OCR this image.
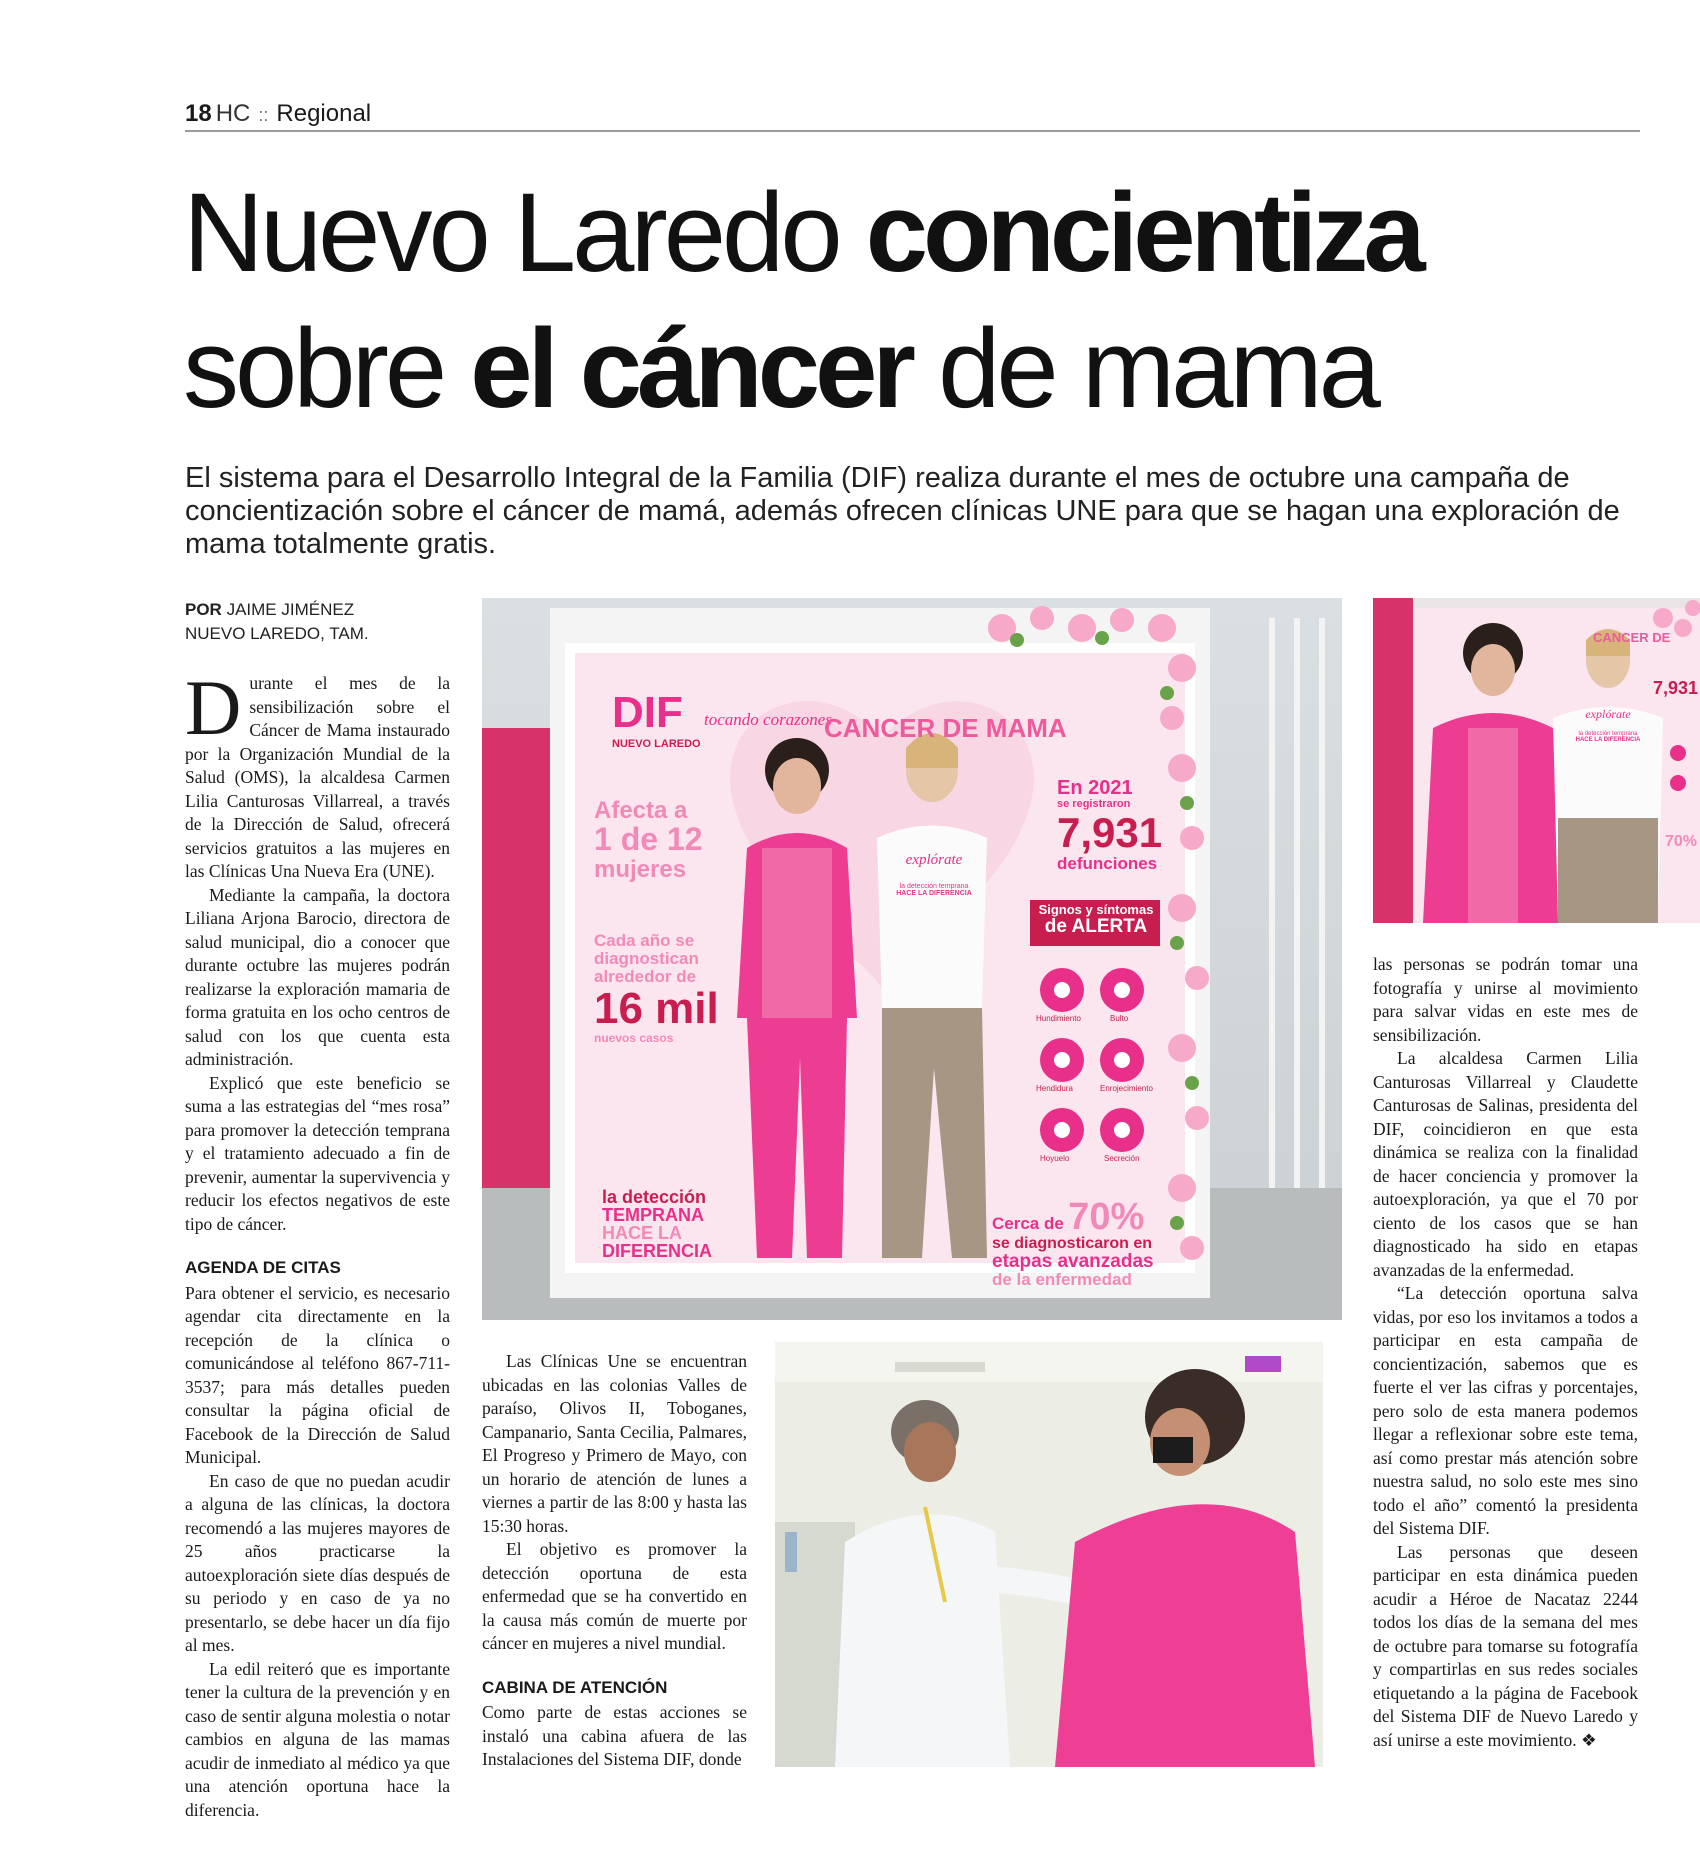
18 HC :: Regional
Nuevo Laredo concientiza
sobre el cáncer de mama
El sistema para el Desarrollo Integral de la Familia (DIF) realiza durante el mes de octubre una campaña de concientización sobre el cáncer de mamá, además ofrecen clínicas UNE para que se hagan una exploración de mama totalmente gratis.
POR JAIME JIMÉNEZ
NUEVO LAREDO, TAM.

Durante el mes de la sensibilización sobre el Cáncer de Mama instaurado por la Organización Mundial de la Salud (OMS), la alcaldesa Carmen Lilia Canturosas Villarreal, a través de la Dirección de Salud, ofrecerá servicios gratuitos a las mujeres en las Clínicas Una Nueva Era (UNE).

Mediante la campaña, la doctora Liliana Arjona Barocio, directora de salud municipal, dio a conocer que durante octubre las mujeres podrán realizarse la exploración mamaria de forma gratuita en los ocho centros de salud con los que cuenta esta administración.

Explicó que este beneficio se suma a las estrategias del “mes rosa” para promover la detección temprana y el tratamiento adecuado a fin de prevenir, aumentar la supervivencia y reducir los efectos negativos de este tipo de cáncer.

AGENDA DE CITAS

Para obtener el servicio, es necesario agendar cita directamente en la recepción de la clínica o comunicándose al teléfono 867-711-3537; para más detalles pueden consultar la página oficial de Facebook de la Dirección de Salud Municipal.

En caso de que no puedan acudir a alguna de las clínicas, la doctora recomendó a las mujeres mayores de 25 años practicarse la autoexploración siete días después de su periodo y en caso de ya no presentarlo, se debe hacer un día fijo al mes.

La edil reiteró que es importante tener la cultura de la prevención y en caso de sentir alguna molestia o notar cambios en alguna de las mamas acudir de inmediato al médico ya que una atención oportuna hace la diferencia.

DIF
NUEVO LAREDO
tocando corazones
CANCER DE MAMA
Afecta a
1 de 12
mujeres
Cada año se
diagnostican
alrededor de
16 mil
nuevos casos
En 2021
se registraron
7,931
defunciones
Signos y síntomas
de ALERTA
Hundimiento	Bulto
Hendidura	Enrojecimiento
Hoyuelo	Secreción
la detección
TEMPRANA
HACE LA
DIFERENCIA
Cerca de 70%
se diagnosticaron en
etapas avanzadas
de la enfermedad
explórate
la detección temprana
HACE LA DIFERENCIA
CANCER DE
7,931
70%
explórate
la detección temprana
HACE LA DIFERENCIA

Las Clínicas Une se encuentran ubicadas en las colonias Valles de paraíso, Olivos II, Toboganes, Campanario, Santa Cecilia, Palmares, El Progreso y Primero de Mayo, con un horario de atención de lunes a viernes a partir de las 8:00 y hasta las 15:30 horas.

El objetivo es promover la detección oportuna de esta enfermedad que se ha convertido en la causa más común de muerte por cáncer en mujeres a nivel mundial.

CABINA DE ATENCIÓN

Como parte de estas acciones se instaló una cabina afuera de las Instalaciones del Sistema DIF, donde

las personas se podrán tomar una fotografía y unirse al movimiento para salvar vidas en este mes de sensibilización.

La alcaldesa Carmen Lilia Canturosas Villarreal y Claudette Canturosas de Salinas, presidenta del DIF, coincidieron en que esta dinámica se realiza con la finalidad de hacer conciencia y promover la autoexploración, ya que el 70 por ciento de los casos que se han diagnosticado ha sido en etapas avanzadas de la enfermedad.

“La detección oportuna salva vidas, por eso los invitamos a todos a participar en esta campaña de concientización, sabemos que es fuerte el ver las cifras y porcentajes, pero solo de esta manera podemos llegar a reflexionar sobre este tema, así como prestar más atención sobre nuestra salud, no solo este mes sino todo el año” comentó la presidenta del Sistema DIF.

Las personas que deseen participar en esta dinámica pueden acudir a Héroe de Nacataz 2244 todos los días de la semana del mes de octubre para tomarse su fotografía y compartirlas en sus redes sociales etiquetando a la página de Facebook del Sistema DIF de Nuevo Laredo y así unirse a este movimiento. ❖
